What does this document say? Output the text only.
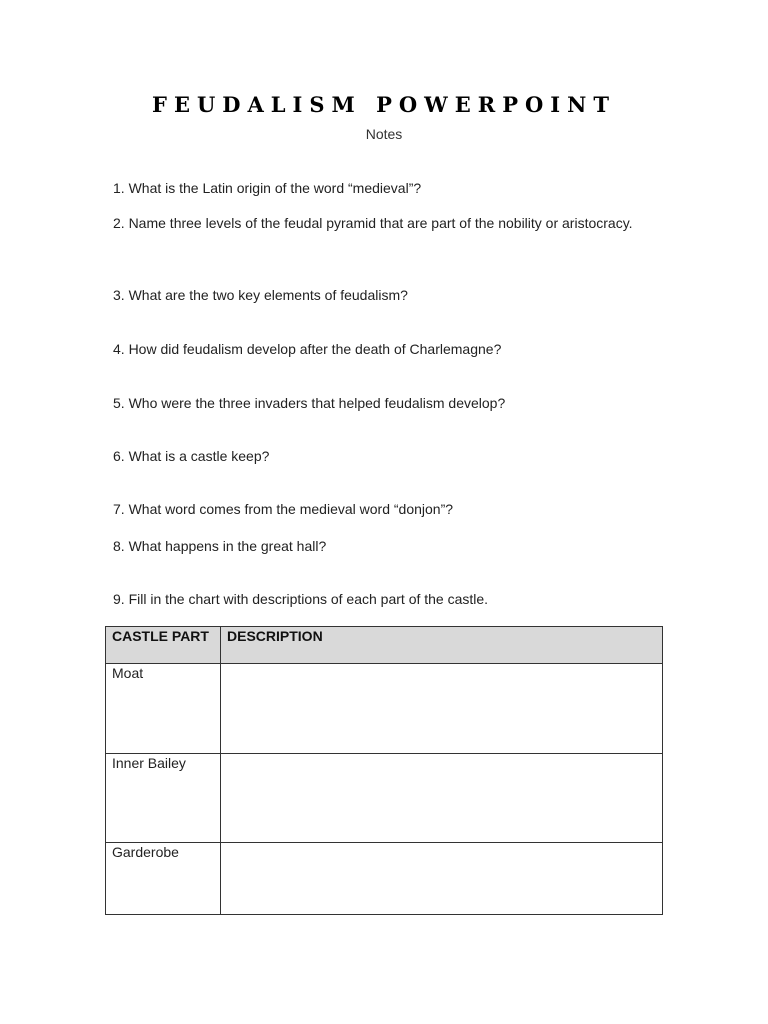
FEUDALISM POWERPOINT
Notes
1. What is the Latin origin of the word “medieval”?
2. Name three levels of the feudal pyramid that are part of the nobility or aristocracy.
3. What are the two key elements of feudalism?
4. How did feudalism develop after the death of Charlemagne?
5. Who were the three invaders that helped feudalism develop?
6. What is a castle keep?
7. What word comes from the medieval word “donjon”?
8. What happens in the great hall?
9. Fill in the chart with descriptions of each part of the castle.
CASTLE PART	DESCRIPTION
Moat	
Inner Bailey	
Garderobe	
